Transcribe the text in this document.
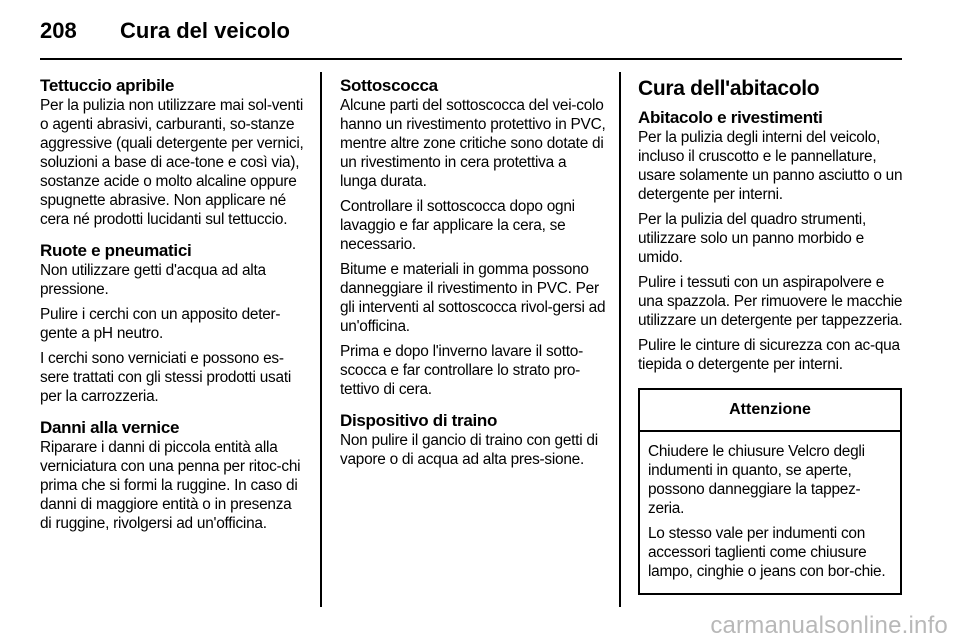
208 Cura del veicolo
Tettuccio apribile

Per la pulizia non utilizzare mai sol-venti o agenti abrasivi, carburanti, so-stanze aggressive (quali detergente per vernici, soluzioni a base di ace-tone e così via), sostanze acide o molto alcaline oppure spugnette abrasive. Non applicare né cera né prodotti lucidanti sul tettuccio.

Ruote e pneumatici

Non utilizzare getti d'acqua ad alta pressione.

Pulire i cerchi con un apposito deter-gente a pH neutro.

I cerchi sono verniciati e possono es-sere trattati con gli stessi prodotti usati per la carrozzeria.

Danni alla vernice

Riparare i danni di piccola entità alla verniciatura con una penna per ritoc-chi prima che si formi la ruggine. In caso di danni di maggiore entità o in presenza di ruggine, rivolgersi ad un'officina.

Sottoscocca

Alcune parti del sottoscocca del vei-colo hanno un rivestimento protettivo in PVC, mentre altre zone critiche sono dotate di un rivestimento in cera protettiva a lunga durata.

Controllare il sottoscocca dopo ogni lavaggio e far applicare la cera, se necessario.

Bitume e materiali in gomma possono danneggiare il rivestimento in PVC. Per gli interventi al sottoscocca rivol-gersi ad un'officina.

Prima e dopo l'inverno lavare il sotto-scocca e far controllare lo strato pro-tettivo di cera.

Dispositivo di traino

Non pulire il gancio di traino con getti di vapore o di acqua ad alta pres-sione.

Cura dell'abitacolo
Abitacolo e rivestimenti

Per la pulizia degli interni del veicolo, incluso il cruscotto e le pannellature, usare solamente un panno asciutto o un detergente per interni.

Per la pulizia del quadro strumenti, utilizzare solo un panno morbido e umido.

Pulire i tessuti con un aspirapolvere e una spazzola. Per rimuovere le macchie utilizzare un detergente per tappezzeria.

Pulire le cinture di sicurezza con ac-qua tiepida o detergente per interni.

Attenzione

Chiudere le chiusure Velcro degli indumenti in quanto, se aperte, possono danneggiare la tappez-zeria.

Lo stesso vale per indumenti con accessori taglienti come chiusure lampo, cinghie o jeans con bor-chie.

carmanualsonline.info
